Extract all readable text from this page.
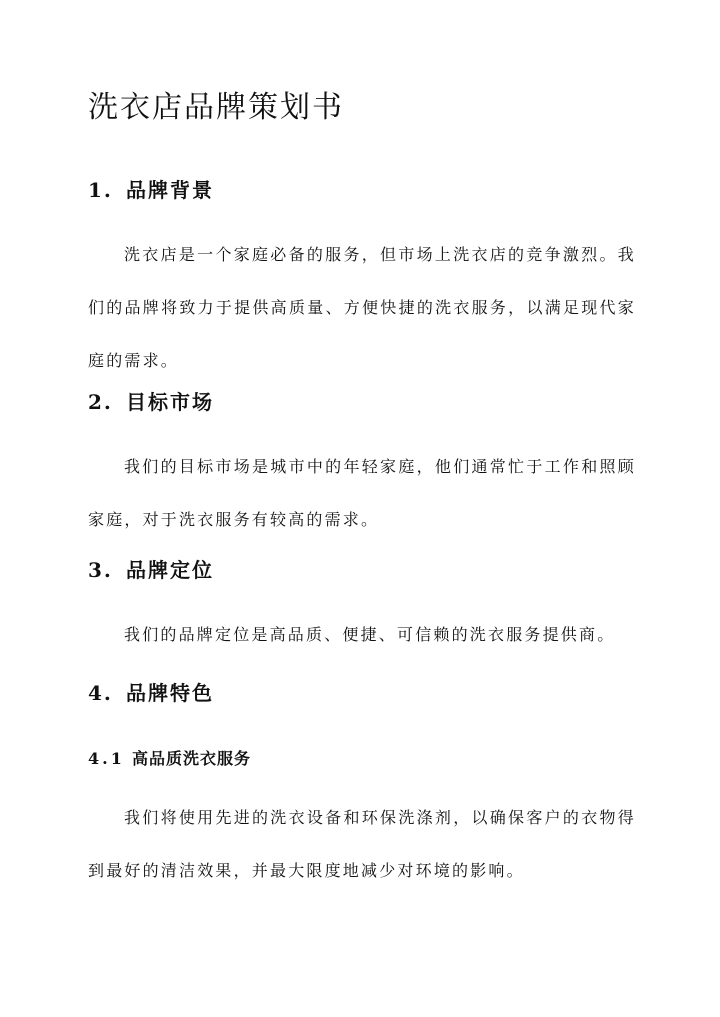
洗衣店品牌策划书
1. 品牌背景

洗衣店是一个家庭必备的服务，但市场上洗衣店的竞争激烈。我们的品牌将致力于提供高质量、方便快捷的洗衣服务，以满足现代家庭的需求。

2. 目标市场

我们的目标市场是城市中的年轻家庭，他们通常忙于工作和照顾家庭，对于洗衣服务有较高的需求。

3. 品牌定位

我们的品牌定位是高品质、便捷、可信赖的洗衣服务提供商。

4. 品牌特色
4.1 高品质洗衣服务

我们将使用先进的洗衣设备和环保洗涤剂，以确保客户的衣物得到最好的清洁效果，并最大限度地减少对环境的影响。
